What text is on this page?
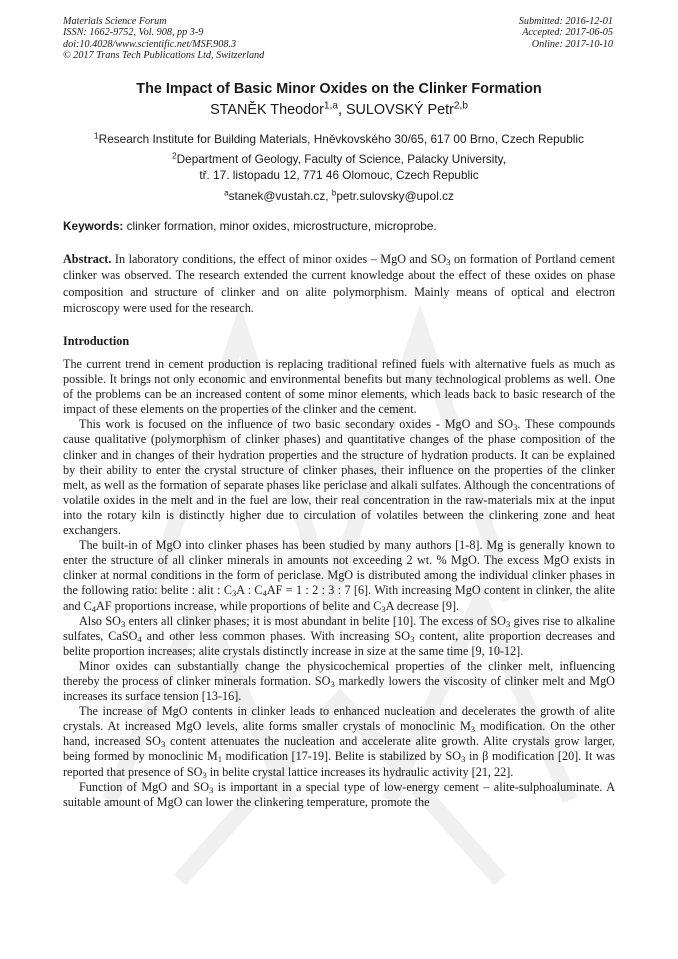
Materials Science Forum
ISSN: 1662-9752, Vol. 908, pp 3-9
doi:10.4028/www.scientific.net/MSF.908.3
© 2017 Trans Tech Publications Ltd, Switzerland
Submitted: 2016-12-01
Accepted: 2017-06-05
Online: 2017-10-10
The Impact of Basic Minor Oxides on the Clinker Formation
STANĚK Theodor$^{1,a}$, SULOVSKÝ Petr$^{2,b}$
$^1$Research Institute for Building Materials, Hněvkovského 30/65, 617 00 Brno, Czech Republic
$^2$Department of Geology, Faculty of Science, Palacky University,
tř. 17. listopadu 12, 771 46 Olomouc, Czech Republic
$^a$stanek@vustah.cz, $^b$petr.sulovsky@upol.cz
Keywords: clinker formation, minor oxides, microstructure, microprobe.
Abstract. In laboratory conditions, the effect of minor oxides – MgO and $SO_3$ on formation of Portland cement clinker was observed. The research extended the current knowledge about the effect of these oxides on phase composition and structure of clinker and on alite polymorphism. Mainly means of optical and electron microscopy were used for the research.
Introduction

The current trend in cement production is replacing traditional refined fuels with alternative fuels as much as possible. It brings not only economic and environmental benefits but many technological problems as well. One of the problems can be an increased content of some minor elements, which leads back to basic research of the impact of these elements on the properties of the clinker and the cement.

This work is focused on the influence of two basic secondary oxides - MgO and $SO_3$. These compounds cause qualitative (polymorphism of clinker phases) and quantitative changes of the phase composition of the clinker and in changes of their hydration properties and the structure of hydration products. It can be explained by their ability to enter the crystal structure of clinker phases, their influence on the properties of the clinker melt, as well as the formation of separate phases like periclase and alkali sulfates. Although the concentrations of volatile oxides in the melt and in the fuel are low, their real concentration in the raw-materials mix at the input into the rotary kiln is distinctly higher due to circulation of volatiles between the clinkering zone and heat exchangers.

The built-in of MgO into clinker phases has been studied by many authors [1-8]. Mg is generally known to enter the structure of all clinker minerals in amounts not exceeding 2 wt. % MgO. The excess MgO exists in clinker at normal conditions in the form of periclase. MgO is distributed among the individual clinker phases in the following ratio: belite : alit : $C_3A$ : $C_4AF = 1$ : 2 : 3 : 7 [6]. With increasing MgO content in clinker, the alite and $C_4AF$ proportions increase, while proportions of belite and $C_3A$ decrease [9].

Also $SO_3$ enters all clinker phases; it is most abundant in belite [10]. The excess of $SO_3$ gives rise to alkaline sulfates, CaSO$_4$ and other less common phases. With increasing $SO_3$ content, alite proportion decreases and belite proportion increases; alite crystals distinctly increase in size at the same time [9, 10-12].

Minor oxides can substantially change the physicochemical properties of the clinker melt, influencing thereby the process of clinker minerals formation. $SO_3$ markedly lowers the viscosity of clinker melt and MgO increases its surface tension [13-16].

The increase of MgO contents in clinker leads to enhanced nucleation and decelerates the growth of alite crystals. At increased MgO levels, alite forms smaller crystals of monoclinic $M_3$ modification. On the other hand, increased $SO_3$ content attenuates the nucleation and accelerate alite growth. Alite crystals grow larger, being formed by monoclinic $M_1$ modification [17-19]. Belite is stabilized by $SO_3$ in β modification [20]. It was reported that presence of $SO_3$ in belite crystal lattice increases its hydraulic activity [21, 22].

Function of MgO and $SO_3$ is important in a special type of low-energy cement – alite-sulphoaluminate. A suitable amount of MgO can lower the clinkering temperature, promote the
